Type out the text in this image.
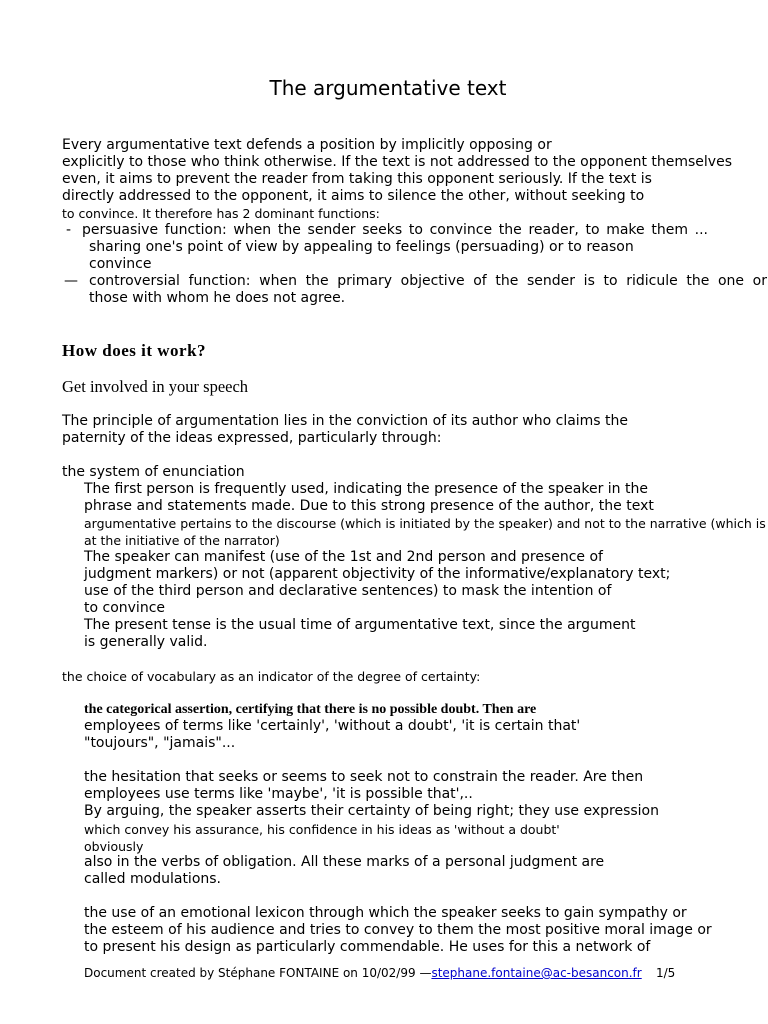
The argumentative text
Every argumentative text defends a position by implicitly opposing or
explicitly to those who think otherwise. If the text is not addressed to the opponent themselves
even, it aims to prevent the reader from taking this opponent seriously. If the text is
directly addressed to the opponent, it aims to silence the other, without seeking to
to convince. It therefore has 2 dominant functions:
- persuasive function: when the sender seeks to convince the reader, to make them ...
sharing one's point of view by appealing to feelings (persuading) or to reason
convince
— controversial function: when the primary objective of the sender is to ridicule the one or
those with whom he does not agree.
How does it work?
Get involved in your speech
The principle of argumentation lies in the conviction of its author who claims the
paternity of the ideas expressed, particularly through:
the system of enunciation
The first person is frequently used, indicating the presence of the speaker in the
phrase and statements made. Due to this strong presence of the author, the text
argumentative pertains to the discourse (which is initiated by the speaker) and not to the narrative (which is
at the initiative of the narrator)
The speaker can manifest (use of the 1st and 2nd person and presence of
judgment markers) or not (apparent objectivity of the informative/explanatory text;
use of the third person and declarative sentences) to mask the intention of
to convince
The present tense is the usual time of argumentative text, since the argument
is generally valid.
the choice of vocabulary as an indicator of the degree of certainty:
the categorical assertion, certifying that there is no possible doubt. Then are
employees of terms like 'certainly', 'without a doubt', 'it is certain that'
"toujours", "jamais"...
the hesitation that seeks or seems to seek not to constrain the reader. Are then
employees use terms like 'maybe', 'it is possible that',..
By arguing, the speaker asserts their certainty of being right; they use expression
which convey his assurance, his confidence in his ideas as 'without a doubt'
obviously
also in the verbs of obligation. All these marks of a personal judgment are
called modulations.
the use of an emotional lexicon through which the speaker seeks to gain sympathy or
the esteem of his audience and tries to convey to them the most positive moral image or
to present his design as particularly commendable. He uses for this a network of
Document created by Stéphane FONTAINE on 10/02/99 —stephane.fontaine@ac-besancon.fr 1/5
